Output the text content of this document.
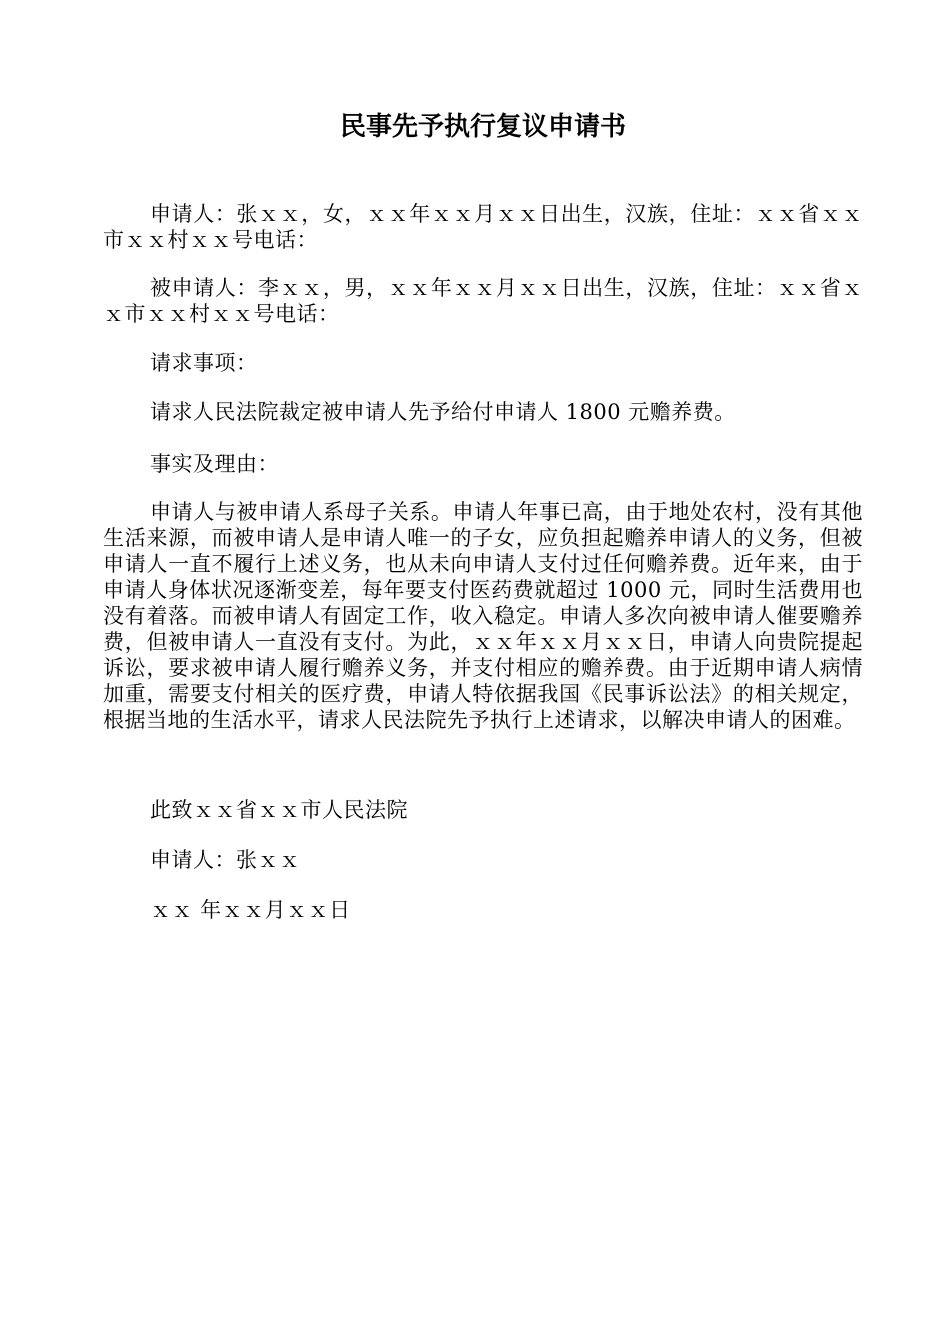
民事先予执行复议申请书

申请人：张ｘｘ，女，ｘｘ年ｘｘ月ｘｘ日出生，汉族，住址：ｘｘ省ｘｘ市ｘｘ村ｘｘ号电话：

被申请人：李ｘｘ，男，ｘｘ年ｘｘ月ｘｘ日出生，汉族，住址：ｘｘ省ｘｘ市ｘｘ村ｘｘ号电话：

请求事项：

请求人民法院裁定被申请人先予给付申请人 1800 元赡养费。

事实及理由：

申请人与被申请人系母子关系。申请人年事已高，由于地处农村，没有其他生活来源，而被申请人是申请人唯一的子女，应负担起赡养申请人的义务，但被申请人一直不履行上述义务，也从未向申请人支付过任何赡养费。近年来，由于申请人身体状况逐渐变差，每年要支付医药费就超过 1000 元，同时生活费用也没有着落。而被申请人有固定工作，收入稳定。申请人多次向被申请人催要赡养费，但被申请人一直没有支付。为此，ｘｘ年ｘｘ月ｘｘ日，申请人向贵院提起诉讼，要求被申请人履行赡养义务，并支付相应的赡养费。由于近期申请人病情加重，需要支付相关的医疗费，申请人特依据我国《民事诉讼法》的相关规定，根据当地的生活水平，请求人民法院先予执行上述请求，以解决申请人的困难。

此致ｘｘ省ｘｘ市人民法院

申请人：张ｘｘ

ｘｘ 年ｘｘ月ｘｘ日
